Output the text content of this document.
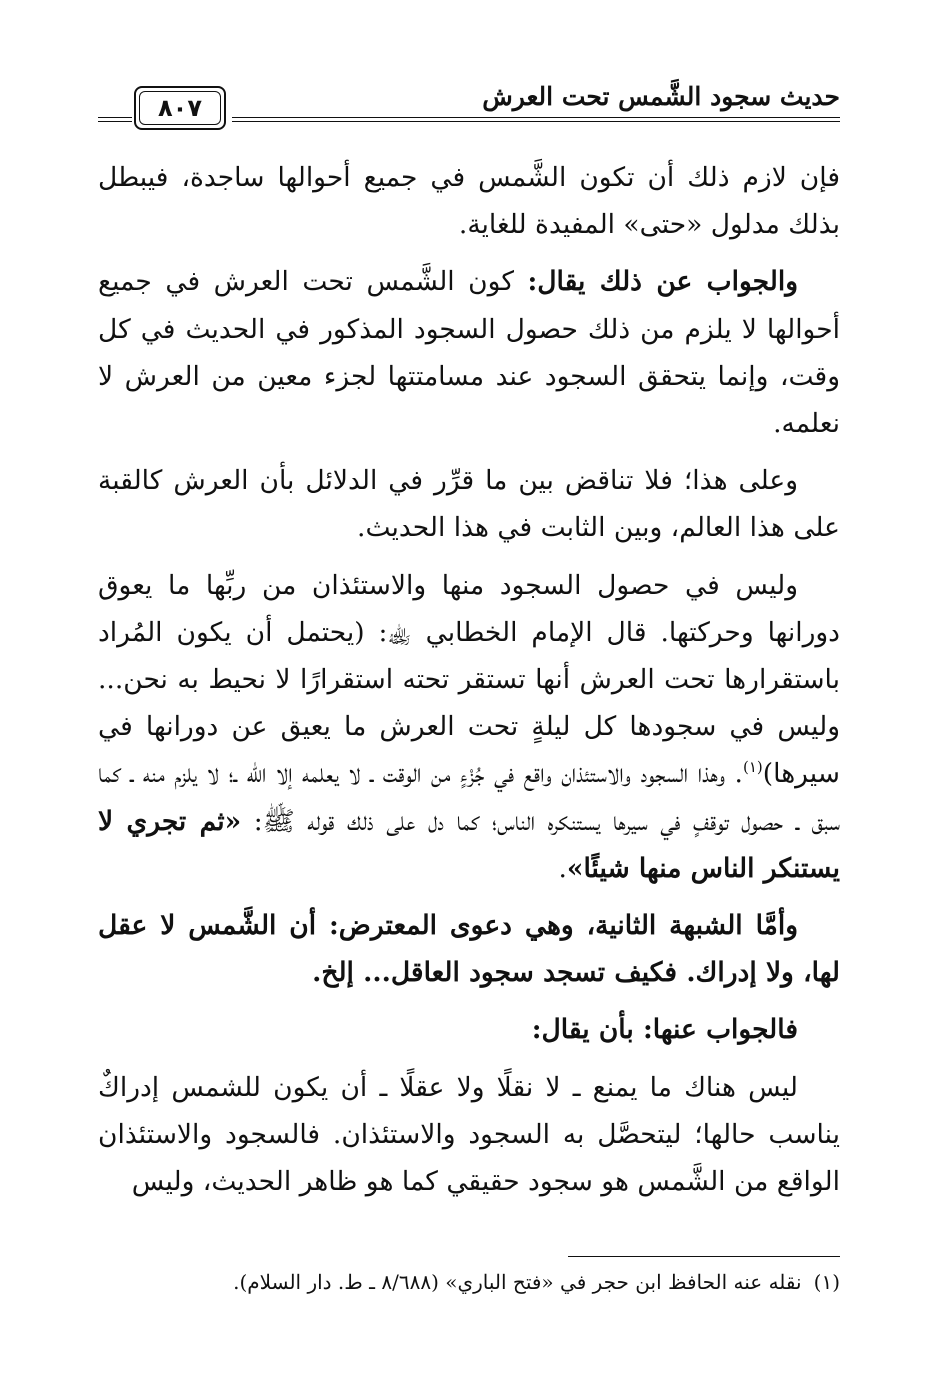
حديث سجود الشَّمس تحت العرش
٨٠٧

فإن لازم ذلك أن تكون الشَّمس في جميع أحوالها ساجدة، فيبطل بذلك مدلول «حتى» المفيدة للغاية.

والجواب عن ذلك يقال: كون الشَّمس تحت العرش في جميع أحوالها لا يلزم من ذلك حصول السجود المذكور في الحديث في كل وقت، وإنما يتحقق السجود عند مسامتتها لجزء معين من العرش لا نعلمه.

وعلى هذا؛ فلا تناقض بين ما قرِّر في الدلائل بأن العرش كالقبة على هذا العالم، وبين الثابت في هذا الحديث.

وليس في حصول السجود منها والاستئذان من ربِّها ما يعوق دورانها وحركتها. قال الإمام الخطابي ﵀: (يحتمل أن يكون المُراد باستقرارها تحت العرش أنها تستقر تحته استقرارًا لا نحيط به نحن... وليس في سجودها كل ليلةٍ تحت العرش ما يعيق عن دورانها في سيرها)$^{(١)}$. وهذا السجود والاستئذان واقع في جُزْءٍ من الوقت ـ لا يعلمه إلا الله ـ؛ لا يلزم منه ـ كما سبق ـ حصول توقفٍ في سيرها يستنكره الناس؛ كما دل على ذلك قوله ﷺ: «ثم تجري لا يستنكر الناس منها شيئًا».

وأمَّا الشبهة الثانية، وهي دعوى المعترض: أن الشَّمس لا عقل لها، ولا إدراك. فكيف تسجد سجود العاقل... إلخ.

فالجواب عنها: بأن يقال:

ليس هناك ما يمنع ـ لا نقلًا ولا عقلًا ـ أن يكون للشمس إدراكٌ يناسب حالها؛ ليتحصَّل به السجود والاستئذان. فالسجود والاستئذان الواقع من الشَّمس هو سجود حقيقي كما هو ظاهر الحديث، وليس

(١)نقله عنه الحافظ ابن حجر في «فتح الباري» (٨/٦٨٨ ـ ط. دار السلام).
